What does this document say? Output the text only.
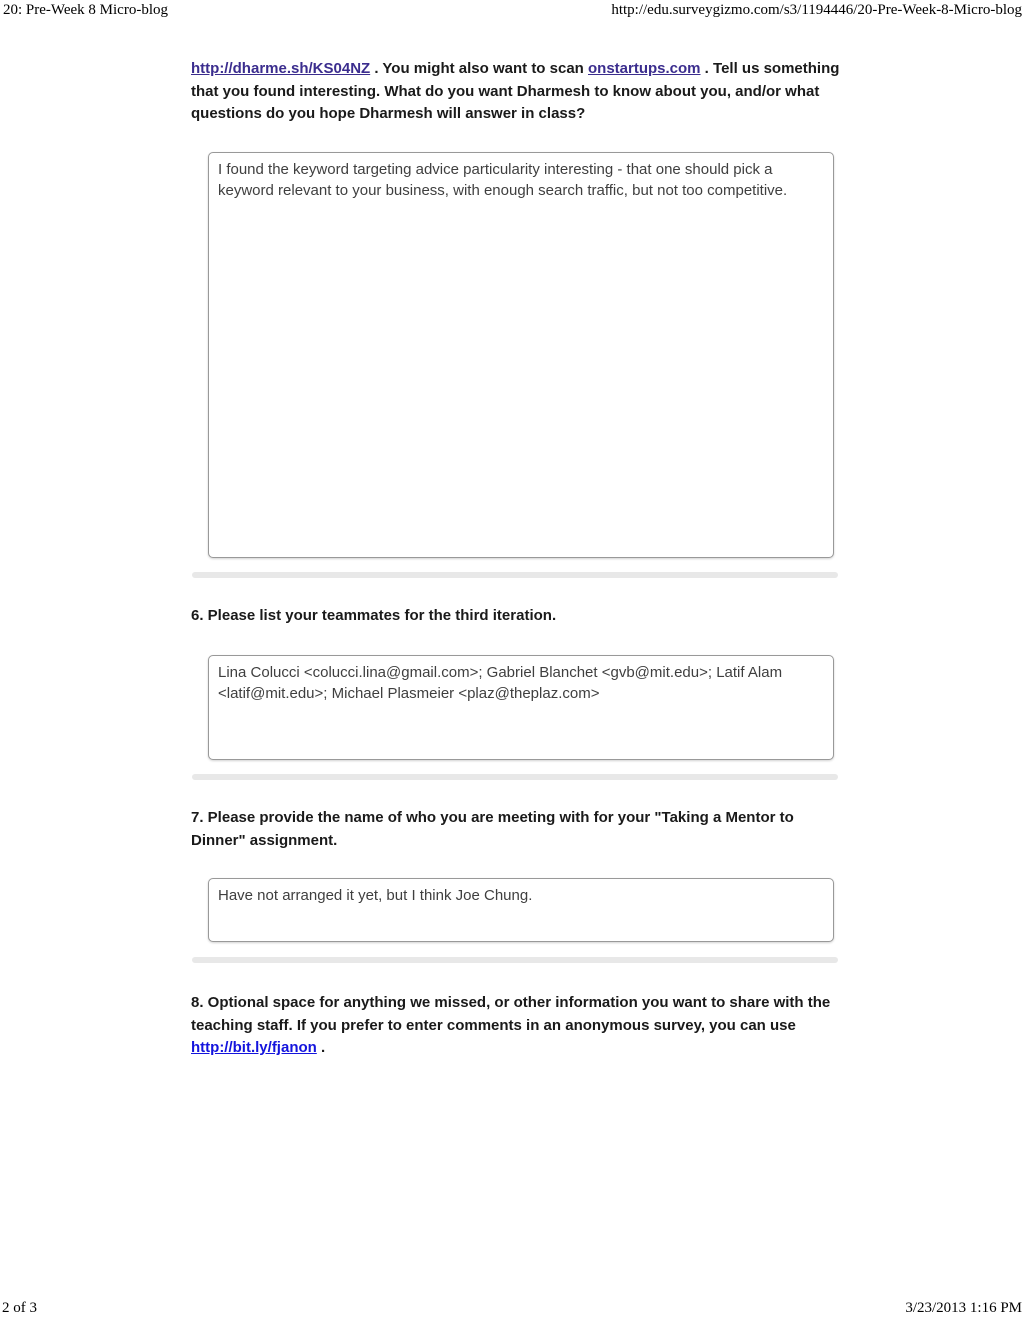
20: Pre-Week 8 Micro-blog	http://edu.surveygizmo.com/s3/1194446/20-Pre-Week-8-Micro-blog
http://dharme.sh/KS04NZ . You might also want to scan onstartups.com . Tell us something that you found interesting. What do you want Dharmesh to know about you, and/or what questions do you hope Dharmesh will answer in class?
I found the keyword targeting advice particularity interesting - that one should pick a keyword relevant to your business, with enough search traffic, but not too competitive.
6. Please list your teammates for the third iteration.
Lina Colucci <colucci.lina@gmail.com>; Gabriel Blanchet <gvb@mit.edu>; Latif Alam <latif@mit.edu>; Michael Plasmeier <plaz@theplaz.com>
7. Please provide the name of who you are meeting with for your "Taking a Mentor to Dinner" assignment.
Have not arranged it yet, but I think Joe Chung.
8. Optional space for anything we missed, or other information you want to share with the teaching staff. If you prefer to enter comments in an anonymous survey, you can use http://bit.ly/fjanon .
2 of 3	3/23/2013 1:16 PM
